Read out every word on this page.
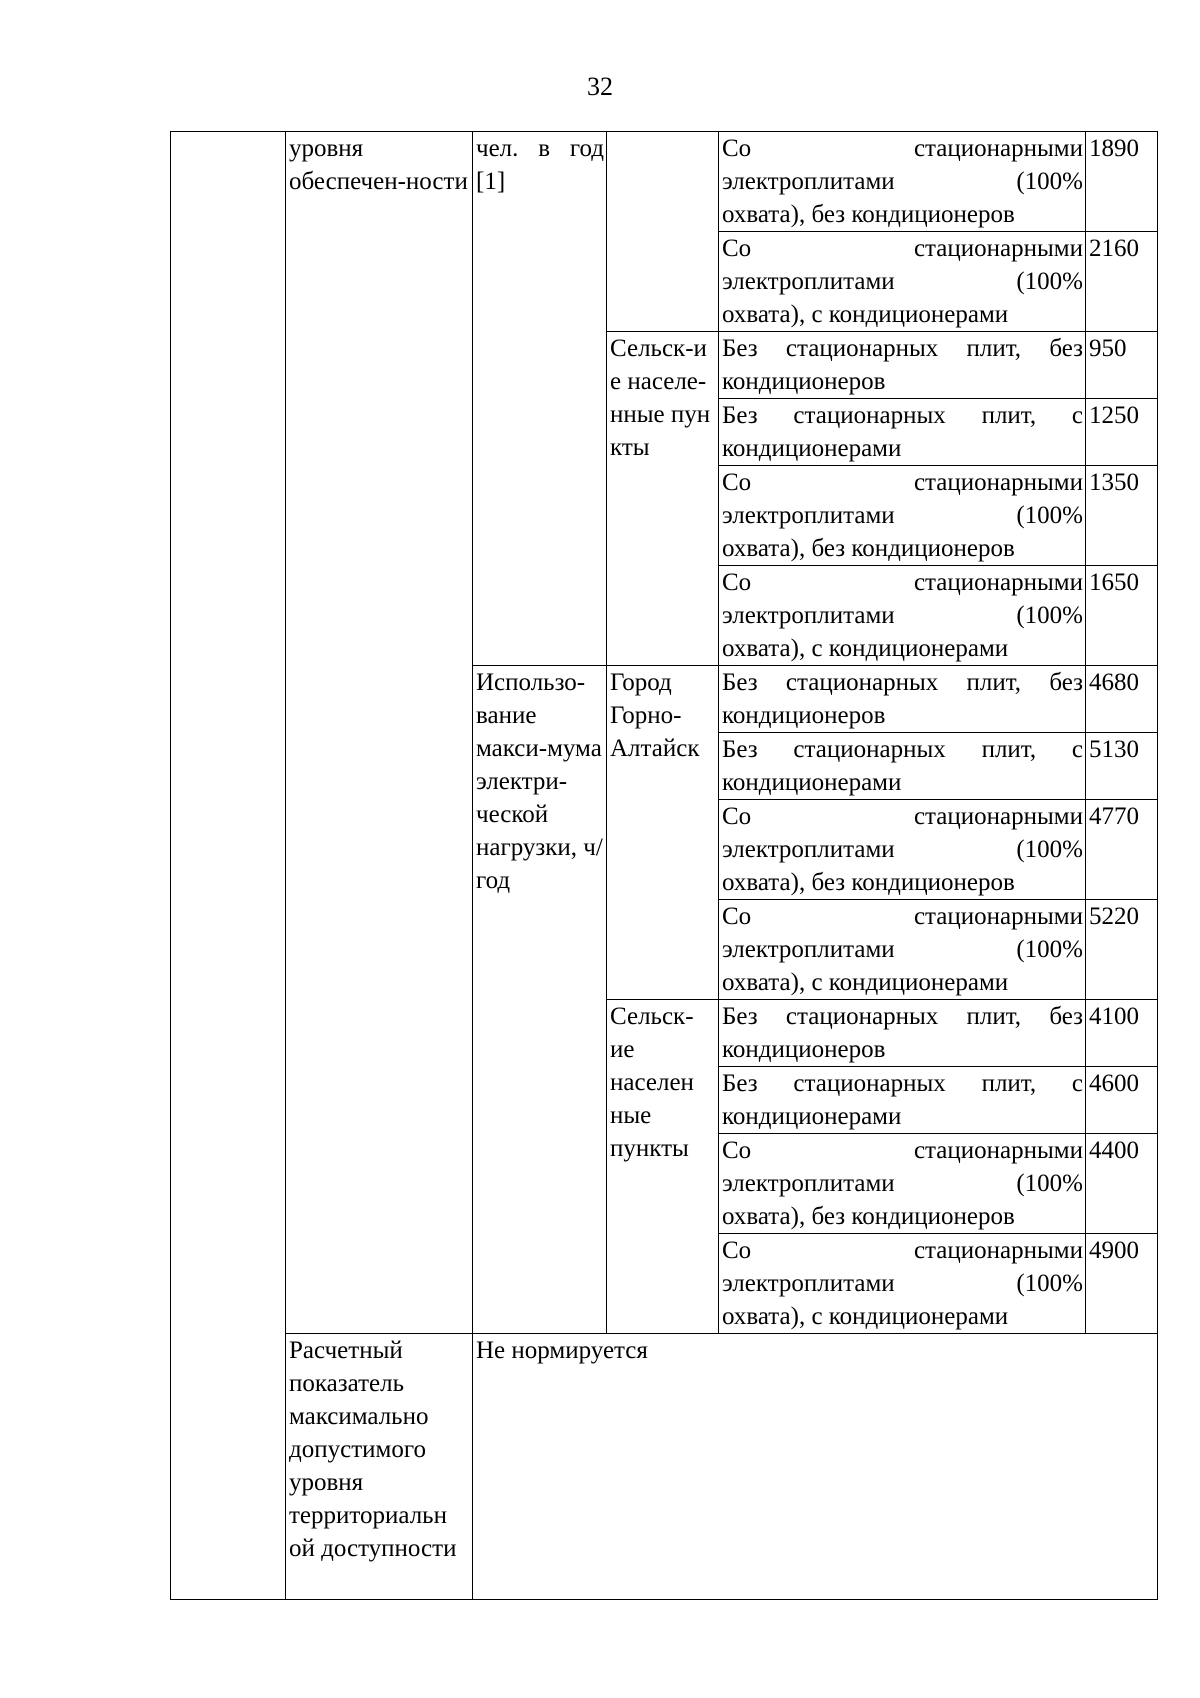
32
	уровня обеспечен-ности	чел. в год [1]		Со стационарными
электроплитами (100%
охвата), без кондиционеров	1890

				Со стационарными
электроплитами (100%
охвата), с кондиционерами	2160
			Сельск-ие населе-нные пункты	Без стационарных плит, без
кондиционеров	950

				Без стационарных плит, с
кондиционерами	1250

				Со стационарными
электроплитами (100%
охвата), без кондиционеров	1350

				Со стационарными
электроплитами (100%
охвата), с кондиционерами	1650
		Использо-вание макси-мума электри-ческой нагрузки, ч/год	Город Горно-Алтайск	Без стационарных плит, без
кондиционеров	4680

				Без стационарных плит, с
кондиционерами	5130

				Со стационарными
электроплитами (100%
охвата), без кондиционеров	4770

				Со стационарными
электроплитами (100%
охвата), с кондиционерами	5220
			Сельск-ие населен ные пункты	Без стационарных плит, без
кондиционеров	4100

				Без стационарных плит, с
кондиционерами	4600

				Со стационарными
электроплитами (100%
охвата), без кондиционеров	4400

				Со стационарными
электроплитами (100%
охвата), с кондиционерами	4900
	Расчетный показатель максимально допустимого уровня территориальн ой доступности	Не нормируется			
